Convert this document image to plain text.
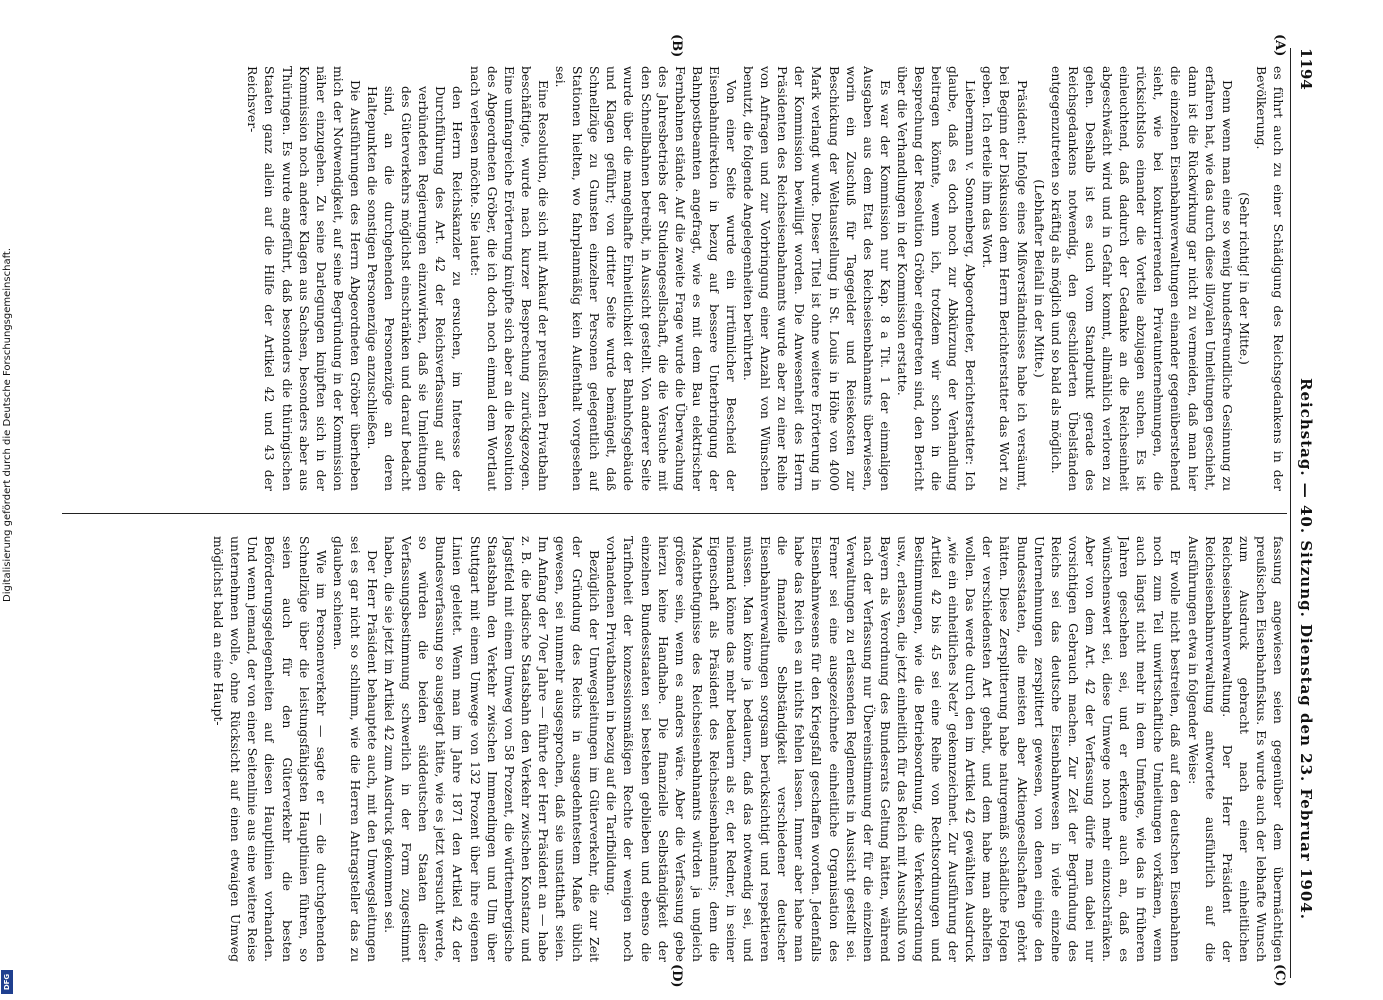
1194
Reichstag. — 40. Sitzung. Dienstag den 23. Februar 1904.
(A)
(B)
(C)
(D)

es führt auch zu einer Schädigung des Reichsgedankens in der Bevölkerung.

(Sehr richtig! in der Mitte.)

Denn wenn man eine so wenig bundesfreundliche Gesinnung zu erfahren hat, wie das durch diese illoyalen Umleitungen geschieht, dann ist die Rückwirkung gar nicht zu vermeiden, daß man hier die einzelnen Eisenbahnverwaltungen einander gegenüberstehend sieht, wie bei konkurrierenden Privatunternehmungen, die rücksichtslos einander die Vorteile abzujagen suchen. Es ist einleuchtend, daß dadurch der Gedanke an die Reichseinheit abgeschwächt wird und in Gefahr kommt, allmählich verloren zu gehen. Deshalb ist es auch vom Standpunkt gerade des Reichsgedankens notwendig, den geschilderten Übelständen entgegenzutreten so kräftig als möglich und so bald als möglich.

(Lebhafter Beifall in der Mitte.)

Präsident: Infolge eines Mißverständnisses habe ich versäumt, bei Beginn der Diskussion dem Herrn Berichterstatter das Wort zu geben. Ich erteile ihm das Wort.

Liebermann v. Sonnenberg, Abgeordneter, Berichterstatter: Ich glaube, daß es doch noch zur Abkürzung der Verhandlung beitragen könnte, wenn ich, trotzdem wir schon in die Besprechung der Resolution Gröber eingetreten sind, den Bericht über die Verhandlungen in der Kommission erstatte.

Es war der Kommission nur Kap. 8 a Tit. 1 der einmaligen Ausgaben aus dem Etat des Reichseisenbahnamts überwiesen, worin ein Zuschuß für Tagegelder und Reisekosten zur Beschickung der Weltausstellung in St. Louis in Höhe von 4000 Mark verlangt wurde. Dieser Titel ist ohne weitere Erörterung in der Kommission bewilligt worden. Die Anwesenheit des Herrn Präsidenten des Reichseisenbahnamts wurde aber zu einer Reihe von Anfragen und zur Vorbringung einer Anzahl von Wünschen benutzt, die folgende Angelegenheiten berührten.

Von einer Seite wurde ein irrtümlicher Bescheid der Eisenbahndirektion in bezug auf bessere Unterbringung der Bahnpostbeamten angefragt, wie es mit dem Bau elektrischer Fernbahnen stände. Auf die zweite Frage wurde die Überwachung des Jahresbetriebs der Studiengesellschaft, die die Versuche mit den Schnellbahnen betreibt, in Aussicht gestellt. Von anderer Seite wurde über die mangelhafte Einheitlichkeit der Bahnhofsgebäude und Klagen geführt; von dritter Seite wurde bemängelt, daß Schnellzüge zu Gunsten einzelner Personen gelegentlich auf Stationen hielten, wo fahrplanmäßig kein Aufenthalt vorgesehen sei.

Eine Resolution, die sich mit Ankauf der preußischen Privatbahn beschäftigte, wurde nach kurzer Besprechung zurückgezogen. Eine umfangreiche Erörterung knüpfte sich aber an die Resolution des Abgeordneten Gröber, die ich doch noch einmal dem Wortlaut nach verlesen möchte. Sie lautet:

den Herrn Reichskanzler zu ersuchen, im Interesse der Durchführung des Art. 42 der Reichsverfassung auf die verbündeten Regierungen einzuwirken, daß sie Umleitungen des Güterverkehrs möglichst einschränken und darauf bedacht sind, an die durchgehenden Personenzüge an deren Haltepunkten die sonstigen Personenzüge anzuschließen.

Die Ausführungen des Herrn Abgeordneten Gröber überheben mich der Notwendigkeit, auf seine Begründung in der Kommission näher einzugehen. Zu seine Darlegungen knüpften sich in der Kommission noch andere Klagen aus Sachsen, besonders aber aus Thüringen. Es wurde angeführt, daß besonders die thüringischen Staaten ganz allein auf die Hilfe der Artikel 42 und 43 der Reichsver-

fassung angewiesen seien gegenüber dem übermächtigen preußischen Eisenbahnfiskus. Es wurde auch der lebhafte Wunsch zum Ausdruck gebracht nach einer einheitlichen Reichseisenbahnverwaltung. Der Herr Präsident der Reichseisenbahnverwaltung antwortete ausführlich auf die Ausführungen etwa in folgender Weise:

Er wolle nicht bestreiten, daß auf den deutschen Eisenbahnen noch zum Teil unwirtschaftliche Umleitungen vorkämen, wenn auch längst nicht mehr in dem Umfange, wie das in früheren Jahren geschehen sei, und er erkenne auch an, daß es wünschenswert sei, diese Umwege noch mehr einzuschränken. Aber von dem Art. 42 der Verfassung dürfe man dabei nur vorsichtigen Gebrauch machen. Zur Zeit der Begründung des Reichs sei das deutsche Eisenbahnwesen in viele einzelne Unternehmungen zersplittert gewesen, von denen einige den Bundesstaaten, die meisten aber Aktiengesellschaften gehört hätten. Diese Zersplitterung habe naturgemäß schädliche Folgen der verschiedensten Art gehabt, und dem habe man abhelfen wollen. Das werde durch den im Artikel 42 gewählten Ausdruck „wie ein einheitliches Netz" gekennzeichnet. Zur Ausführung der Artikel 42 bis 45 sei eine Reihe von Rechtsordnungen und Bestimmungen, wie die Betriebsordnung, die Verkehrsordnung usw., erlassen, die jetzt einheitlich für das Reich mit Ausschluß von Bayern als Verordnung des Bundesrats Geltung hätten, während nach der Verfassung nur Übereinstimmung der für die einzelnen Verwaltungen zu erlassenden Reglements in Aussicht gestellt sei. Ferner sei eine ausgezeichnete einheitliche Organisation des Eisenbahnwesens für den Kriegsfall geschaffen worden. Jedenfalls habe das Reich es an nichts fehlen lassen. Immer aber habe man die finanzielle Selbständigkeit verschiedener deutscher Eisenbahnverwaltungen sorgsam berücksichtigt und respektieren müssen. Man könne ja bedauern, daß das notwendig sei, und niemand könne das mehr bedauern als er, der Redner, in seiner Eigenschaft als Präsident des Reichseisenbahnamts; denn die Machtbefugnisse des Reichseisenbahnamts würden ja ungleich größere sein, wenn es anders wäre. Aber die Verfassung gebe hierzu keine Handhabe. Die finanzielle Selbständigkeit der einzelnen Bundesstaaten sei bestehen geblieben und ebenso die Tarifhoheit der konzessionsmäßigen Rechte der wenigen noch vorhandenen Privatbahnen in bezug auf die Tarifbildung.

Bezüglich der Umwegsleitungen im Güterverkehr, die zur Zeit der Gründung des Reichs in ausgedehntestem Maße üblich gewesen, sei nunmehr ausgesprochen, daß sie unstatthaft seien. Im Anfang der 70er Jahre — führte der Herr Präsident an — habe z. B. die badische Staatsbahn den Verkehr zwischen Konstanz und Jagstfeld mit einem Umweg von 58 Prozent, die württembergische Staatsbahn den Verkehr zwischen Immendingen und Ulm über Stuttgart mit einem Umwege von 132 Prozent über ihre eigenen Linien geleitet. Wenn man im Jahre 1871 den Artikel 42 der Bundesverfassung so ausgelegt hätte, wie es jetzt versucht werde, so würden die beiden süddeutschen Staaten dieser Verfassungsbestimmung schwerlich in der Form zugestimmt haben, die sie jetzt im Artikel 42 zum Ausdruck gekommen sei.

Der Herr Präsident behauptete auch, mit den Umwegsleitungen sei es gar nicht so schlimm, wie die Herren Antragsteller das zu glauben schienen.

Wie im Personenverkehr — sagte er — die durchgehenden Schnellzüge über die leistungsfähigsten Hauptlinien führen, so seien auch für den Güterverkehr die besten Beförderungsgelegenheiten auf diesen Hauptlinien vorhanden. Und wenn jemand, der von einer Seitenlinie aus eine weitere Reise unternehmen wolle, ohne Rücksicht auf einen etwaigen Umweg möglichst bald an eine Haupt-

Digitalisierung gefördert durch die Deutsche Forschungsgemeinschaft.
DFG
